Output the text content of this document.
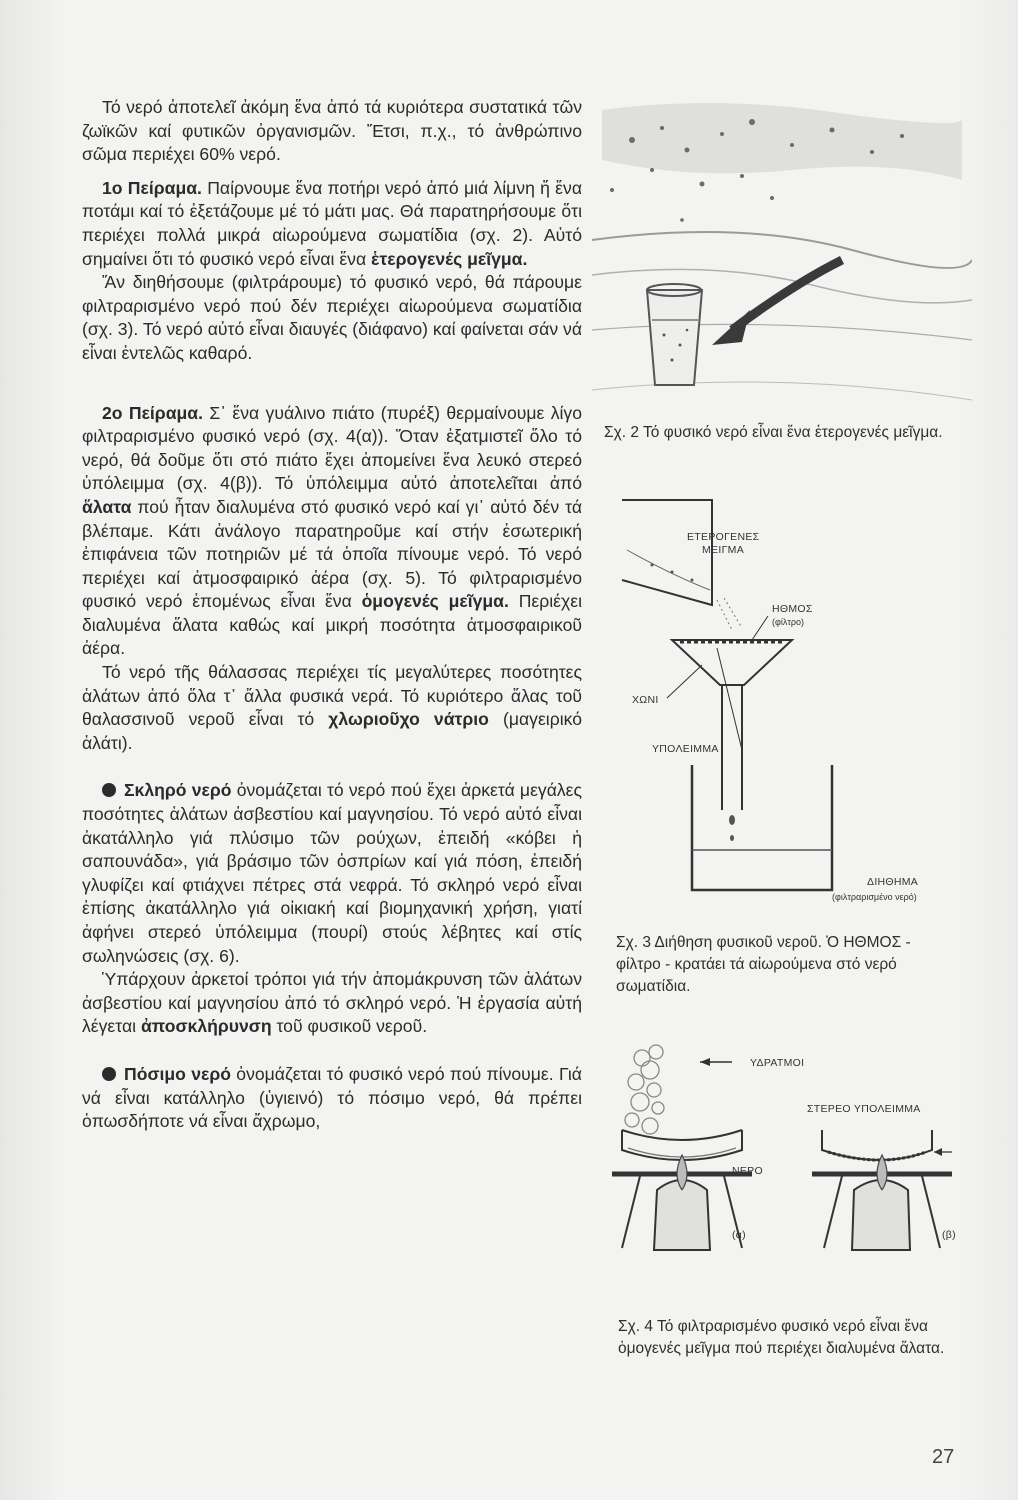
Τό νερό ἀποτελεῖ ἀκόμη ἕνα ἀπό τά κυριότερα συστατικά τῶν ζωϊκῶν καί φυτικῶν ὀργανισμῶν. Ἔτσι, π.χ., τό ἀνθρώπινο σῶμα περιέχει 60% νερό.

1ο Πείραμα. Παίρνουμε ἕνα ποτήρι νερό ἀπό μιά λίμνη ἤ ἕνα ποτάμι καί τό ἐξετάζουμε μέ τό μάτι μας. Θά παρατηρήσουμε ὅτι περιέχει πολλά μικρά αἰωρούμενα σωματίδια (σχ. 2). Αὐτό σημαίνει ὅτι τό φυσικό νερό εἶναι ἕνα ἑτερογενές μεῖγμα.

Ἄν διηθήσουμε (φιλτράρουμε) τό φυσικό νερό, θά πάρουμε φιλτραρισμένο νερό πού δέν περιέχει αἰωρούμενα σωματίδια (σχ. 3). Τό νερό αὐτό εἶναι διαυγές (διάφανο) καί φαίνεται σάν νά εἶναι ἐντελῶς καθαρό.

2ο Πείραμα. Σ᾿ ἕνα γυάλινο πιάτο (πυρέξ) θερμαίνουμε λίγο φιλτραρισμένο φυσικό νερό (σχ. 4(α)). Ὅταν ἐξατμιστεῖ ὅλο τό νερό, θά δοῦμε ὅτι στό πιάτο ἔχει ἀπομείνει ἕνα λευκό στερεό ὑπόλειμμα (σχ. 4(β)). Τό ὑπόλειμμα αὐτό ἀποτελεῖται ἀπό ἅλατα πού ἦταν διαλυμένα στό φυσικό νερό καί γι᾿ αὐτό δέν τά βλέπαμε. Κάτι ἀνάλογο παρατηροῦμε καί στήν ἐσωτερική ἐπιφάνεια τῶν ποτηριῶν μέ τά ὁποῖα πίνουμε νερό. Τό νερό περιέχει καί ἀτμοσφαιρικό ἀέρα (σχ. 5). Τό φιλτραρισμένο φυσικό νερό ἑπομένως εἶναι ἕνα ὁμογενές μεῖγμα. Περιέχει διαλυμένα ἅλατα καθώς καί μικρή ποσότητα ἀτμοσφαιρικοῦ ἀέρα.

Τό νερό τῆς θάλασσας περιέχει τίς μεγαλύτερες ποσότητες ἁλάτων ἀπό ὅλα τ᾿ ἄλλα φυσικά νερά. Τό κυριότερο ἅλας τοῦ θαλασσινοῦ νεροῦ εἶναι τό χλωριοῦχο νάτριο (μαγειρικό ἁλάτι).

Σκληρό νερό ὀνομάζεται τό νερό πού ἔχει ἀρκετά μεγάλες ποσότητες ἁλάτων ἀσβεστίου καί μαγνησίου. Τό νερό αὐτό εἶναι ἀκατάλληλο γιά πλύσιμο τῶν ρούχων, ἐπειδή «κόβει ἡ σαπουνάδα», γιά βράσιμο τῶν ὀσπρίων καί γιά πόση, ἐπειδή γλυφίζει καί φτιάχνει πέτρες στά νεφρά. Τό σκληρό νερό εἶναι ἐπίσης ἀκατάλληλο γιά οἰκιακή καί βιομηχανική χρήση, γιατί ἀφήνει στερεό ὑπόλειμμα (πουρί) στούς λέβητες καί στίς σωληνώσεις (σχ. 6).

Ὑπάρχουν ἀρκετοί τρόποι γιά τήν ἀπομάκρυνση τῶν ἁλάτων ἀσβεστίου καί μαγνησίου ἀπό τό σκληρό νερό. Ἡ ἐργασία αὐτή λέγεται ἀποσκλήρυνση τοῦ φυσικοῦ νεροῦ.

Πόσιμο νερό ὀνομάζεται τό φυσικό νερό πού πίνουμε. Γιά νά εἶναι κατάλληλο (ὑγιεινό) τό πόσιμο νερό, θά πρέπει ὁπωσδήποτε νά εἶναι ἄχρωμο,

Σχ. 2 Τό φυσικό νερό εἶναι ἕνα ἑτερογενές μεῖγμα.
ΕΤΕΡΟΓΕΝΕΣ
ΜΕΙΓΜΑ
ΗΘΜΟΣ
(φίλτρο)
ΧΩΝΙ
ΥΠΟΛΕΙΜΜΑ
ΔΙΗΘΗΜΑ
(φιλτραρισμένο νερό)
Σχ. 3 Διήθηση φυσικοῦ νεροῦ. Ὁ ΗΘΜΟΣ - φίλτρο - κρατάει τά αἰωρούμενα στό νερό σωματίδια.
ΥΔΡΑΤΜΟΙ
ΝΕΡΟ
(α)
ΣΤΕΡΕΟ ΥΠΟΛΕΙΜΜΑ
(β)
Σχ. 4 Τό φιλτραρισμένο φυσικό νερό εἶναι ἕνα ὁμογενές μεῖγμα πού περιέχει διαλυμένα ἅλατα.
27
